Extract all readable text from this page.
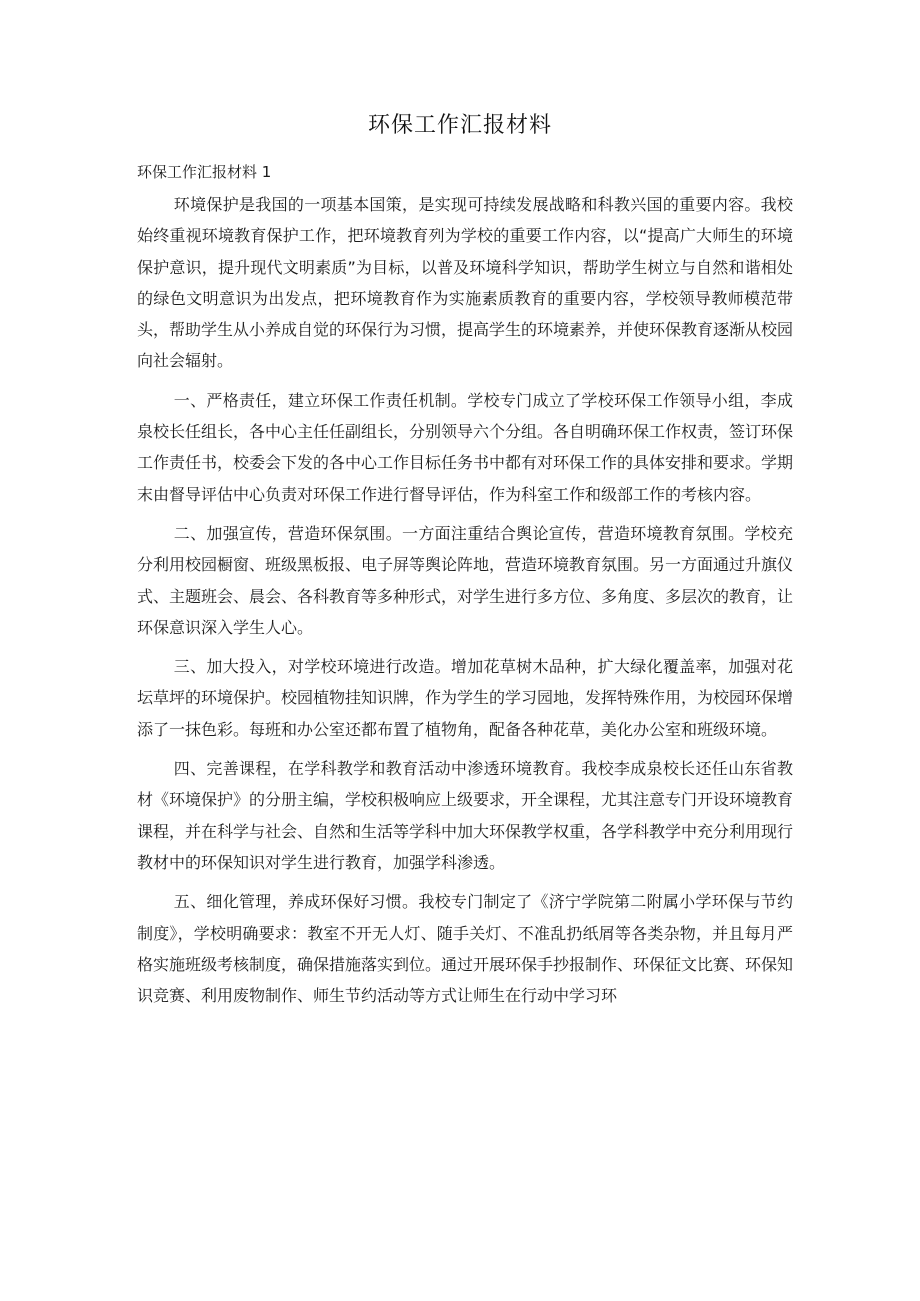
环保工作汇报材料
环保工作汇报材料 1

环境保护是我国的一项基本国策，是实现可持续发展战略和科教兴国的重要内容。我校始终重视环境教育保护工作，把环境教育列为学校的重要工作内容，以“提高广大师生的环境保护意识，提升现代文明素质”为目标，以普及环境科学知识，帮助学生树立与自然和谐相处的绿色文明意识为出发点，把环境教育作为实施素质教育的重要内容，学校领导教师模范带头，帮助学生从小养成自觉的环保行为习惯，提高学生的环境素养，并使环保教育逐渐从校园向社会辐射。

一、严格责任，建立环保工作责任机制。学校专门成立了学校环保工作领导小组，李成泉校长任组长，各中心主任任副组长，分别领导六个分组。各自明确环保工作权责，签订环保工作责任书，校委会下发的各中心工作目标任务书中都有对环保工作的具体安排和要求。学期末由督导评估中心负责对环保工作进行督导评估，作为科室工作和级部工作的考核内容。

二、加强宣传，营造环保氛围。一方面注重结合舆论宣传，营造环境教育氛围。学校充分利用校园橱窗、班级黑板报、电子屏等舆论阵地，营造环境教育氛围。另一方面通过升旗仪式、主题班会、晨会、各科教育等多种形式，对学生进行多方位、多角度、多层次的教育，让环保意识深入学生人心。

三、加大投入，对学校环境进行改造。增加花草树木品种，扩大绿化覆盖率，加强对花坛草坪的环境保护。校园植物挂知识牌，作为学生的学习园地，发挥特殊作用，为校园环保增添了一抹色彩。每班和办公室还都布置了植物角，配备各种花草，美化办公室和班级环境。

四、完善课程，在学科教学和教育活动中渗透环境教育。我校李成泉校长还任山东省教材《环境保护》的分册主编，学校积极响应上级要求，开全课程，尤其注意专门开设环境教育课程，并在科学与社会、自然和生活等学科中加大环保教学权重，各学科教学中充分利用现行教材中的环保知识对学生进行教育，加强学科渗透。

五、细化管理，养成环保好习惯。我校专门制定了《济宁学院第二附属小学环保与节约制度》，学校明确要求：教室不开无人灯、随手关灯、不准乱扔纸屑等各类杂物，并且每月严格实施班级考核制度，确保措施落实到位。通过开展环保手抄报制作、环保征文比赛、环保知识竞赛、利用废物制作、师生节约活动等方式让师生在行动中学习环
